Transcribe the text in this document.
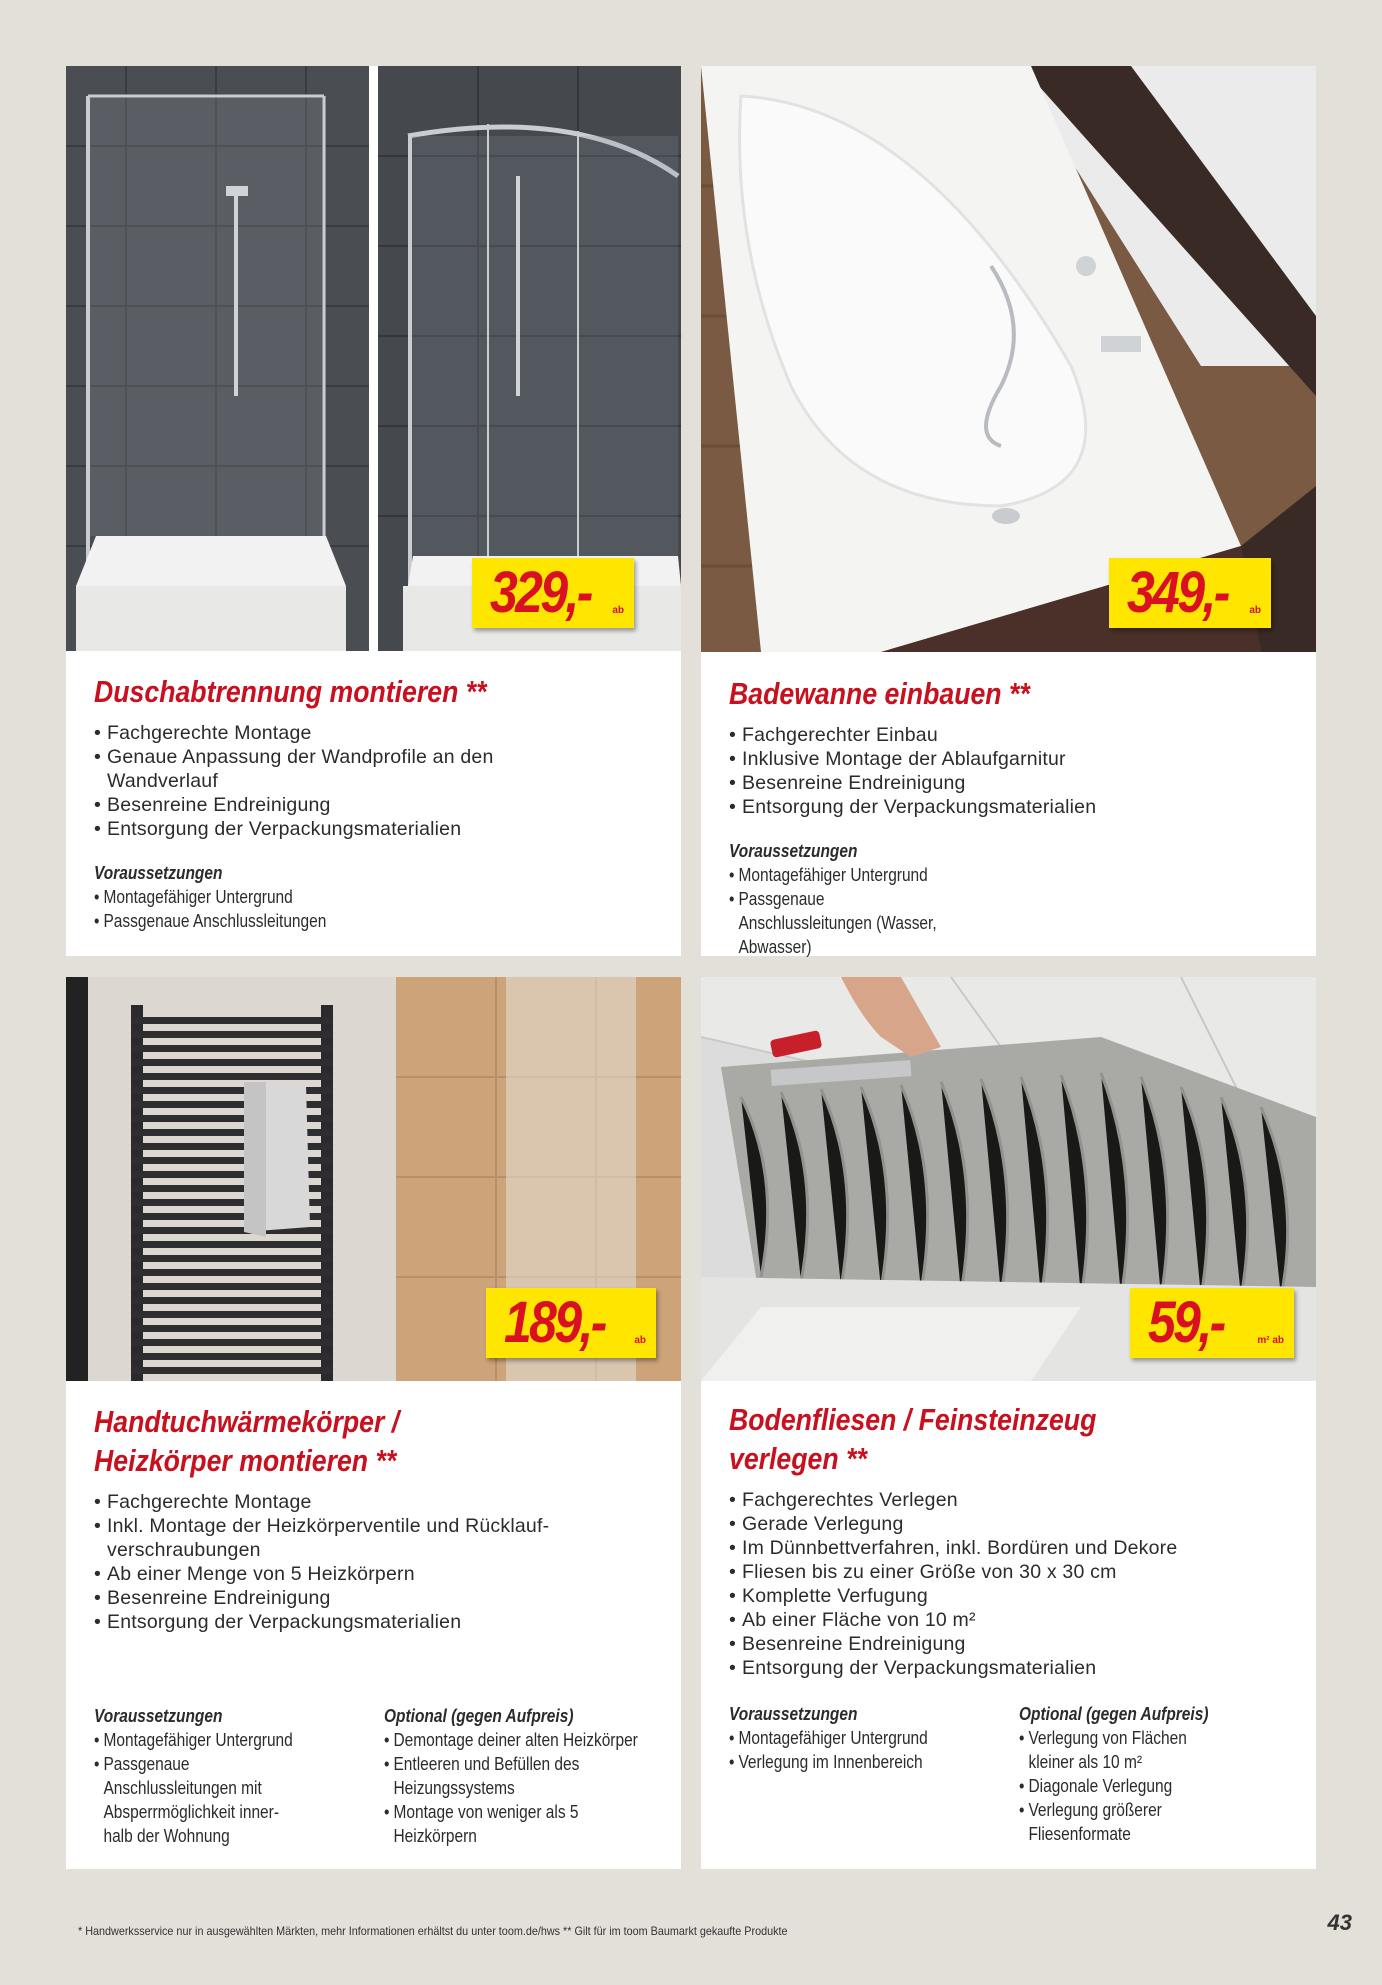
329,- ab
Duschabtrennung montieren **
• Fachgerechte Montage
• Genaue Anpassung der Wandprofile an den Wandverlauf
• Besenreine Endreinigung
• Entsorgung der Verpackungsmaterialien
Voraussetzungen
• Montagefähiger Untergrund
• Passgenaue Anschlussleitungen
349,- ab
Badewanne einbauen **
• Fachgerechter Einbau
• Inklusive Montage der Ablaufgarnitur
• Besenreine Endreinigung
• Entsorgung der Verpackungsmaterialien
Voraussetzungen
• Montagefähiger Untergrund
• Passgenaue Anschlussleitungen (Wasser, Abwasser)
189,-	ab
Handtuchwärmekörper /
Heizkörper montieren **
• Fachgerechte Montage
• Inkl. Montage der Heizkörperventile und Rücklauf-verschraubungen
• Ab einer Menge von 5 Heizkörpern
• Besenreine Endreinigung
• Entsorgung der Verpackungsmaterialien
Voraussetzungen
• Montagefähiger Untergrund
• Passgenaue Anschlussleitungen mit Absperrmöglichkeit inner-halb der Wohnung
Optional (gegen Aufpreis)
• Demontage deiner alten Heizkörper
• Entleeren und Befüllen des Heizungssystems
• Montage von weniger als 5 Heizkörpern
59,-	m² ab
Bodenfliesen / Feinsteinzeug
verlegen **
• Fachgerechtes Verlegen
• Gerade Verlegung
• Im Dünnbettverfahren, inkl. Bordüren und Dekore
• Fliesen bis zu einer Größe von 30 x 30 cm
• Komplette Verfugung
• Ab einer Fläche von 10 m²
• Besenreine Endreinigung
• Entsorgung der Verpackungsmaterialien
Voraussetzungen
• Montagefähiger Untergrund
• Verlegung im Innenbereich
Optional (gegen Aufpreis)
• Verlegung von Flächen kleiner als 10 m²
• Diagonale Verlegung
• Verlegung größerer Fliesenformate
* Handwerksservice nur in ausgewählten Märkten, mehr Informationen erhältst du unter toom.de/hws ** Gilt für im toom Baumarkt gekaufte Produkte	43
